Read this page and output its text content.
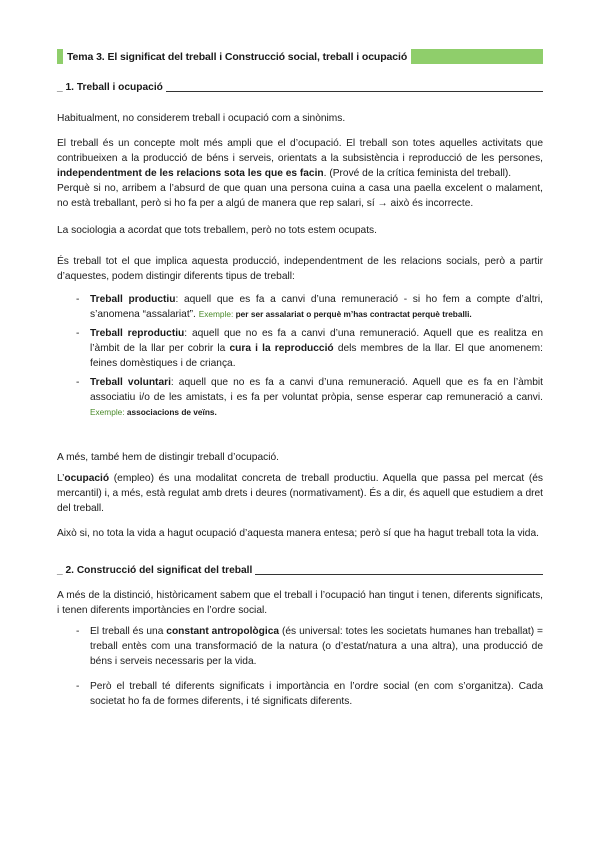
Tema 3. El significat del treball i Construcció social, treball i ocupació
_ 1. Treball i ocupació

Habitualment, no considerem treball i ocupació com a sinònims.

El treball és un concepte molt més ampli que el d’ocupació. El treball son totes aquelles activitats que contribueixen a la producció de béns i serveis, orientats a la subsistència i reproducció de les persones, independentment de les relacions sota les que es facin. (Prové de la crítica feminista del treball).

Perquè si no, arribem a l’absurd de que quan una persona cuina a casa una paella excelent o malament, no està treballant, però si ho fa per a algú de manera que rep salari, sí → això és incorrecte.

La sociologia a acordat que tots treballem, però no tots estem ocupats.

És treball tot el que implica aquesta producció, independentment de les relacions socials, però a partir d’aquestes, podem distingir diferents tipus de treball:

- Treball productiu: aquell que es fa a canvi d’una remuneració - si ho fem a compte d’altri, s’anomena “assalariat”. Exemple: per ser assalariat o perquè m’has contractat perquè treballi.
- Treball reproductiu: aquell que no es fa a canvi d’una remuneració. Aquell que es realitza en l’àmbit de la llar per cobrir la cura i la reproducció dels membres de la llar. El que anomenem: feines domèstiques i de criança.
- Treball voluntari: aquell que no es fa a canvi d’una remuneració. Aquell que es fa en l’àmbit associatiu i/o de les amistats, i es fa per voluntat pròpia, sense esperar cap remuneració a canvi. Exemple: associacions de veïns.

A més, també hem de distingir treball d’ocupació.

L’ocupació (empleo) és una modalitat concreta de treball productiu. Aquella que passa pel mercat (és mercantil) i, a més, està regulat amb drets i deures (normativament). És a dir, és aquell que estudiem a dret del treball.

Això si, no tota la vida a hagut ocupació d’aquesta manera entesa; però sí que ha hagut treball tota la vida.

_ 2. Construcció del significat del treball

A més de la distinció, històricament sabem que el treball i l’ocupació han tingut i tenen, diferents significats, i tenen diferents importàncies en l’ordre social.

- El treball és una constant antropològica (és universal: totes les societats humanes han treballat) = treball entès com una transformació de la natura (o d’estat/natura a una altra), una producció de béns i serveis necessaris per la vida.
- Però el treball té diferents significats i importància en l’ordre social (en com s’organitza). Cada societat ho fa de formes diferents, i té significats diferents.
